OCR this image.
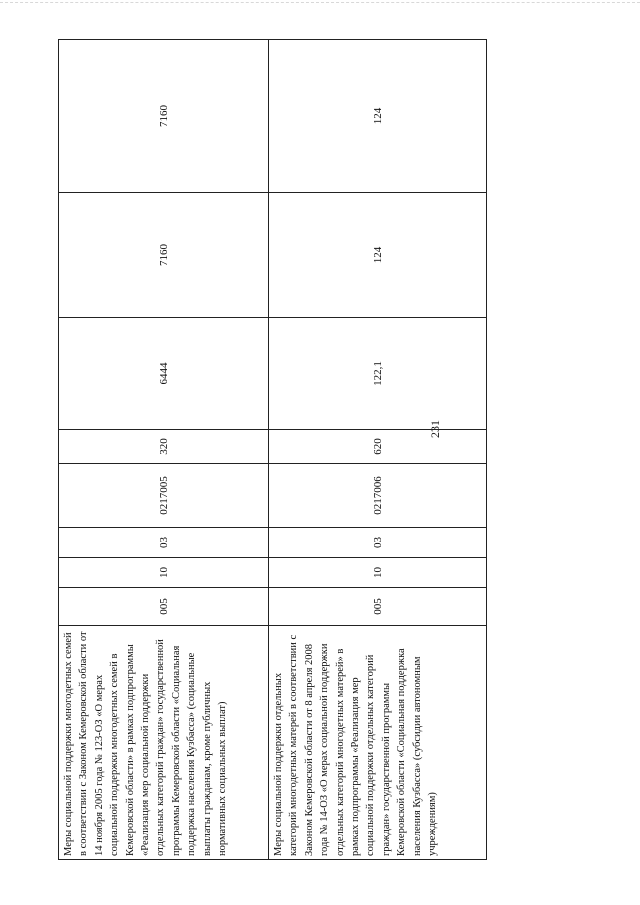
231
Меры социальной поддержки многодетных семей в соответствии с Законом Кемеровской области от 14 ноября 2005 года № 123-ОЗ «О мерах социальной поддержки многодетных семей в Кемеровской области» в рамках подпрограммы «Реализация мер социальной поддержки отдельных категорий граждан» государственной программы Кемеровской области «Социальная поддержка населения Кузбасса» (социальные выплаты гражданам, кроме публичных нормативных социальных выплат)	005	10	03	0217005	320	6444	7160	7160
Меры социальной поддержки отдельных категорий многодетных матерей в соответствии с Законом Кемеровской области от 8 апреля 2008 года № 14-ОЗ «О мерах социальной поддержки отдельных категорий многодетных матерей» в рамках подпрограммы «Реализация мер социальной поддержки отдельных категорий граждан» государственной программы Кемеровской области «Социальная поддержка населения Кузбасса» (субсидии автономным учреждениям)	005	10	03	0217006	620	122,1	124	124
